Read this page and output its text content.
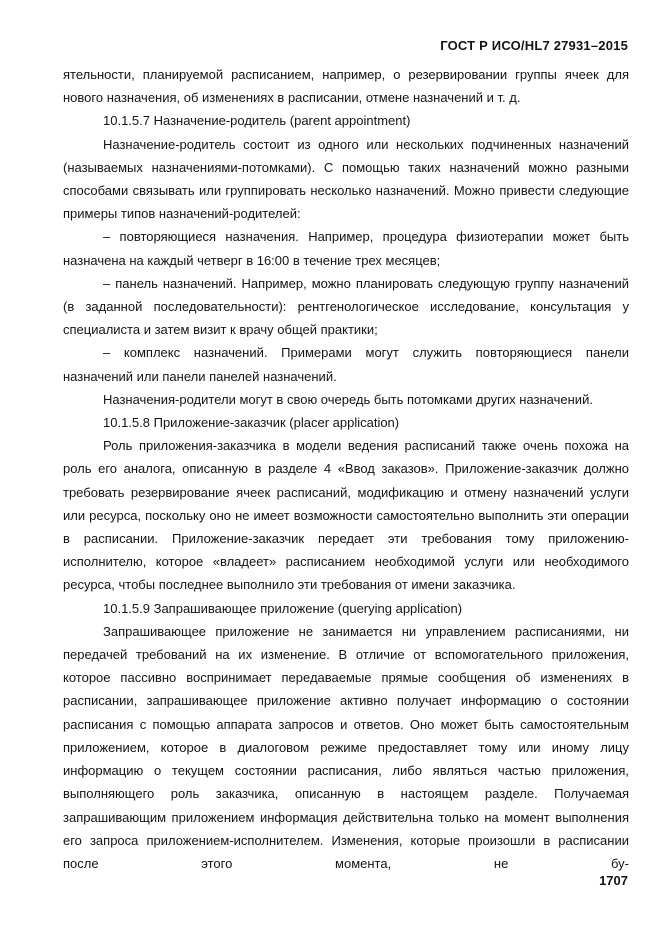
ГОСТ Р ИСО/HL7 27931–2015

ятельности, планируемой расписанием, например, о резервировании группы ячеек для нового назначения, об изменениях в расписании, отмене назначений и т. д.

10.1.5.7 Назначение-родитель (parent appointment)

Назначение-родитель состоит из одного или нескольких подчиненных назначений (называемых назначениями-потомками). С помощью таких назначений можно разными способами связывать или группировать несколько назначений. Можно привести следующие примеры типов назначений-родителей:

– повторяющиеся назначения. Например, процедура физиотерапии может быть назначена на каждый четверг в 16:00 в течение трех месяцев;

– панель назначений. Например, можно планировать следующую группу назначений (в заданной последовательности): рентгенологическое исследование, консультация у специалиста и затем визит к врачу общей практики;

– комплекс назначений. Примерами могут служить повторяющиеся панели назначений или панели панелей назначений.

Назначения-родители могут в свою очередь быть потомками других назначений.

10.1.5.8 Приложение-заказчик (placer application)

Роль приложения-заказчика в модели ведения расписаний также очень похожа на роль его аналога, описанную в разделе 4 «Ввод заказов». Приложение-заказчик должно требовать резервирование ячеек расписаний, модификацию и отмену назначений услуги или ресурса, поскольку оно не имеет возможности самостоятельно выполнить эти операции в расписании. Приложение-заказчик передает эти требования тому приложению-исполнителю, которое «владеет» расписанием необходимой услуги или необходимого ресурса, чтобы последнее выполнило эти требования от имени заказчика.

10.1.5.9 Запрашивающее приложение (querying application)

Запрашивающее приложение не занимается ни управлением расписаниями, ни передачей требований на их изменение. В отличие от вспомогательного приложения, которое пассивно воспринимает передаваемые прямые сообщения об изменениях в расписании, запрашивающее приложение активно получает информацию о состоянии расписания с помощью аппарата запросов и ответов. Оно может быть самостоятельным приложением, которое в диалоговом режиме предоставляет тому или иному лицу информацию о текущем состоянии расписания, либо являться частью приложения, выполняющего роль заказчика, описанную в настоящем разделе. Получаемая запрашивающим приложением информация действительна только на момент выполнения его запроса приложением-исполнителем. Изменения, которые произошли в расписании после этого момента, не бу-

1707
